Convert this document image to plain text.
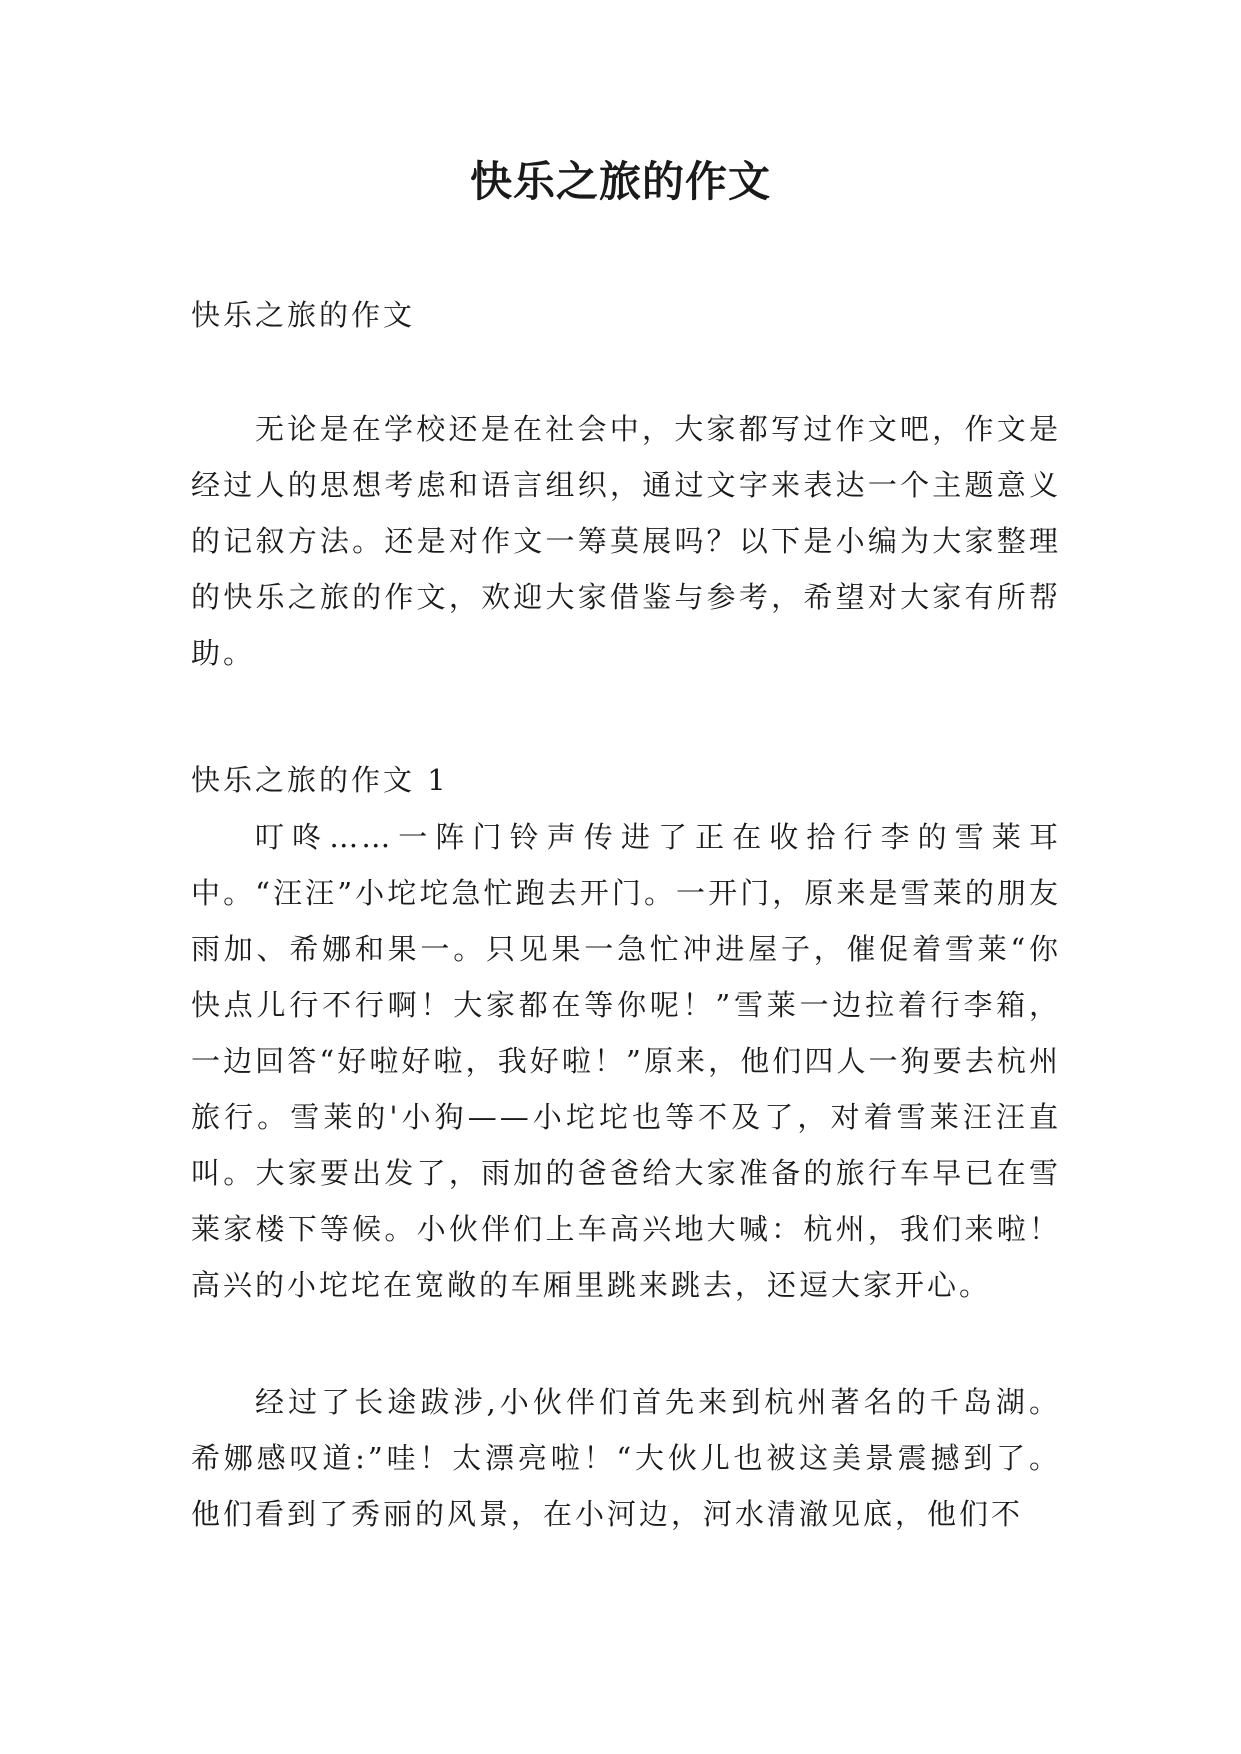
快乐之旅的作文

快乐之旅的作文

无论是在学校还是在社会中，大家都写过作文吧，作文是经过人的思想考虑和语言组织，通过文字来表达一个主题意义的记叙方法。还是对作文一筹莫展吗？以下是小编为大家整理的快乐之旅的作文，欢迎大家借鉴与参考，希望对大家有所帮助。

快乐之旅的作文 1

叮咚……一阵门铃声传进了正在收拾行李的雪莱耳中。“汪汪”小坨坨急忙跑去开门。一开门，原来是雪莱的朋友雨加、希娜和果一。只见果一急忙冲进屋子，催促着雪莱“你快点儿行不行啊！大家都在等你呢！”雪莱一边拉着行李箱，一边回答“好啦好啦，我好啦！”原来，他们四人一狗要去杭州旅行。雪莱的'小狗——小坨坨也等不及了，对着雪莱汪汪直叫。大家要出发了，雨加的爸爸给大家准备的旅行车早已在雪莱家楼下等候。小伙伴们上车高兴地大喊：杭州，我们来啦！高兴的小坨坨在宽敞的车厢里跳来跳去，还逗大家开心。

经过了长途跋涉,小伙伴们首先来到杭州著名的千岛湖。希娜感叹道:”哇！太漂亮啦！“大伙儿也被这美景震撼到了。他们看到了秀丽的风景，在小河边，河水清澈见底，他们不
